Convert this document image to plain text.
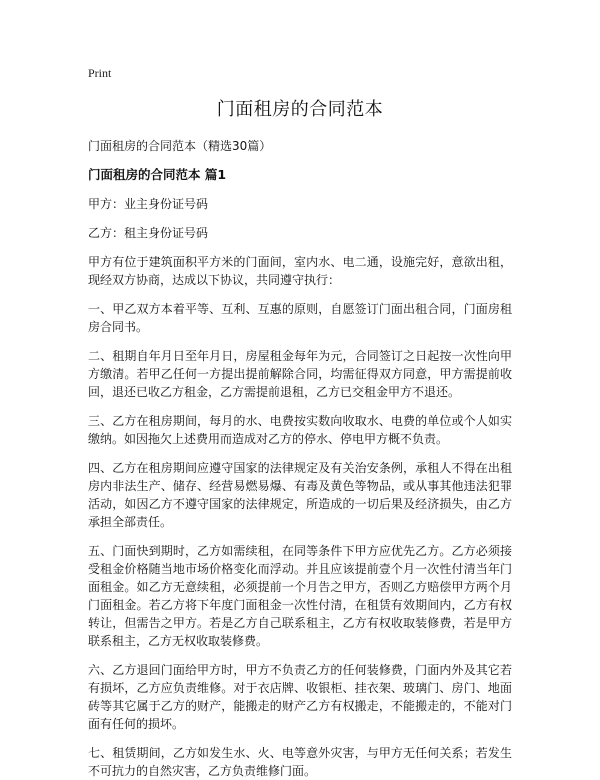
Print
门面租房的合同范本
门面租房的合同范本（精选30篇）
门面租房的合同范本 篇1

甲方：业主身份证号码

乙方：租主身份证号码

甲方有位于建筑面积平方米的门面间，室内水、电二通，设施完好，意欲出租，现经双方协商，达成以下协议，共同遵守执行：

一、甲乙双方本着平等、互利、互惠的原则，自愿签订门面出租合同，门面房租房合同书。

二、租期自年月日至年月日，房屋租金每年为元，合同签订之日起按一次性向甲方缴清。若甲乙任何一方提出提前解除合同，均需征得双方同意，甲方需提前收回，退还已收乙方租金，乙方需提前退租，乙方已交租金甲方不退还。

三、乙方在租房期间，每月的水、电费按实数向收取水、电费的单位或个人如实缴纳。如因拖欠上述费用而造成对乙方的停水、停电甲方概不负责。

四、乙方在租房期间应遵守国家的法律规定及有关治安条例，承租人不得在出租房内非法生产、储存、经营易燃易爆、有毒及黄色等物品，或从事其他违法犯罪活动，如因乙方不遵守国家的法律规定，所造成的一切后果及经济损失，由乙方承担全部责任。

五、门面快到期时，乙方如需续租，在同等条件下甲方应优先乙方。乙方必须接受租金价格随当地市场价格变化而浮动。并且应该提前壹个月一次性付清当年门面租金。如乙方无意续租，必须提前一个月告之甲方，否则乙方赔偿甲方两个月门面租金。若乙方将下年度门面租金一次性付清，在租赁有效期间内，乙方有权转让，但需告之甲方。若是乙方自己联系租主，乙方有权收取装修费，若是甲方联系租主，乙方无权收取装修费。

六、乙方退回门面给甲方时，甲方不负责乙方的任何装修费，门面内外及其它若有损坏，乙方应负责维修。对于衣店牌、收银柜、挂衣架、玻璃门、房门、地面砖等其它属于乙方的财产，能搬走的财产乙方有权搬走，不能搬走的，不能对门面有任何的损坏。

七、租赁期间，乙方如发生水、火、电等意外灾害，与甲方无任何关系；若发生不可抗力的自然灾害，乙方负责维修门面。
